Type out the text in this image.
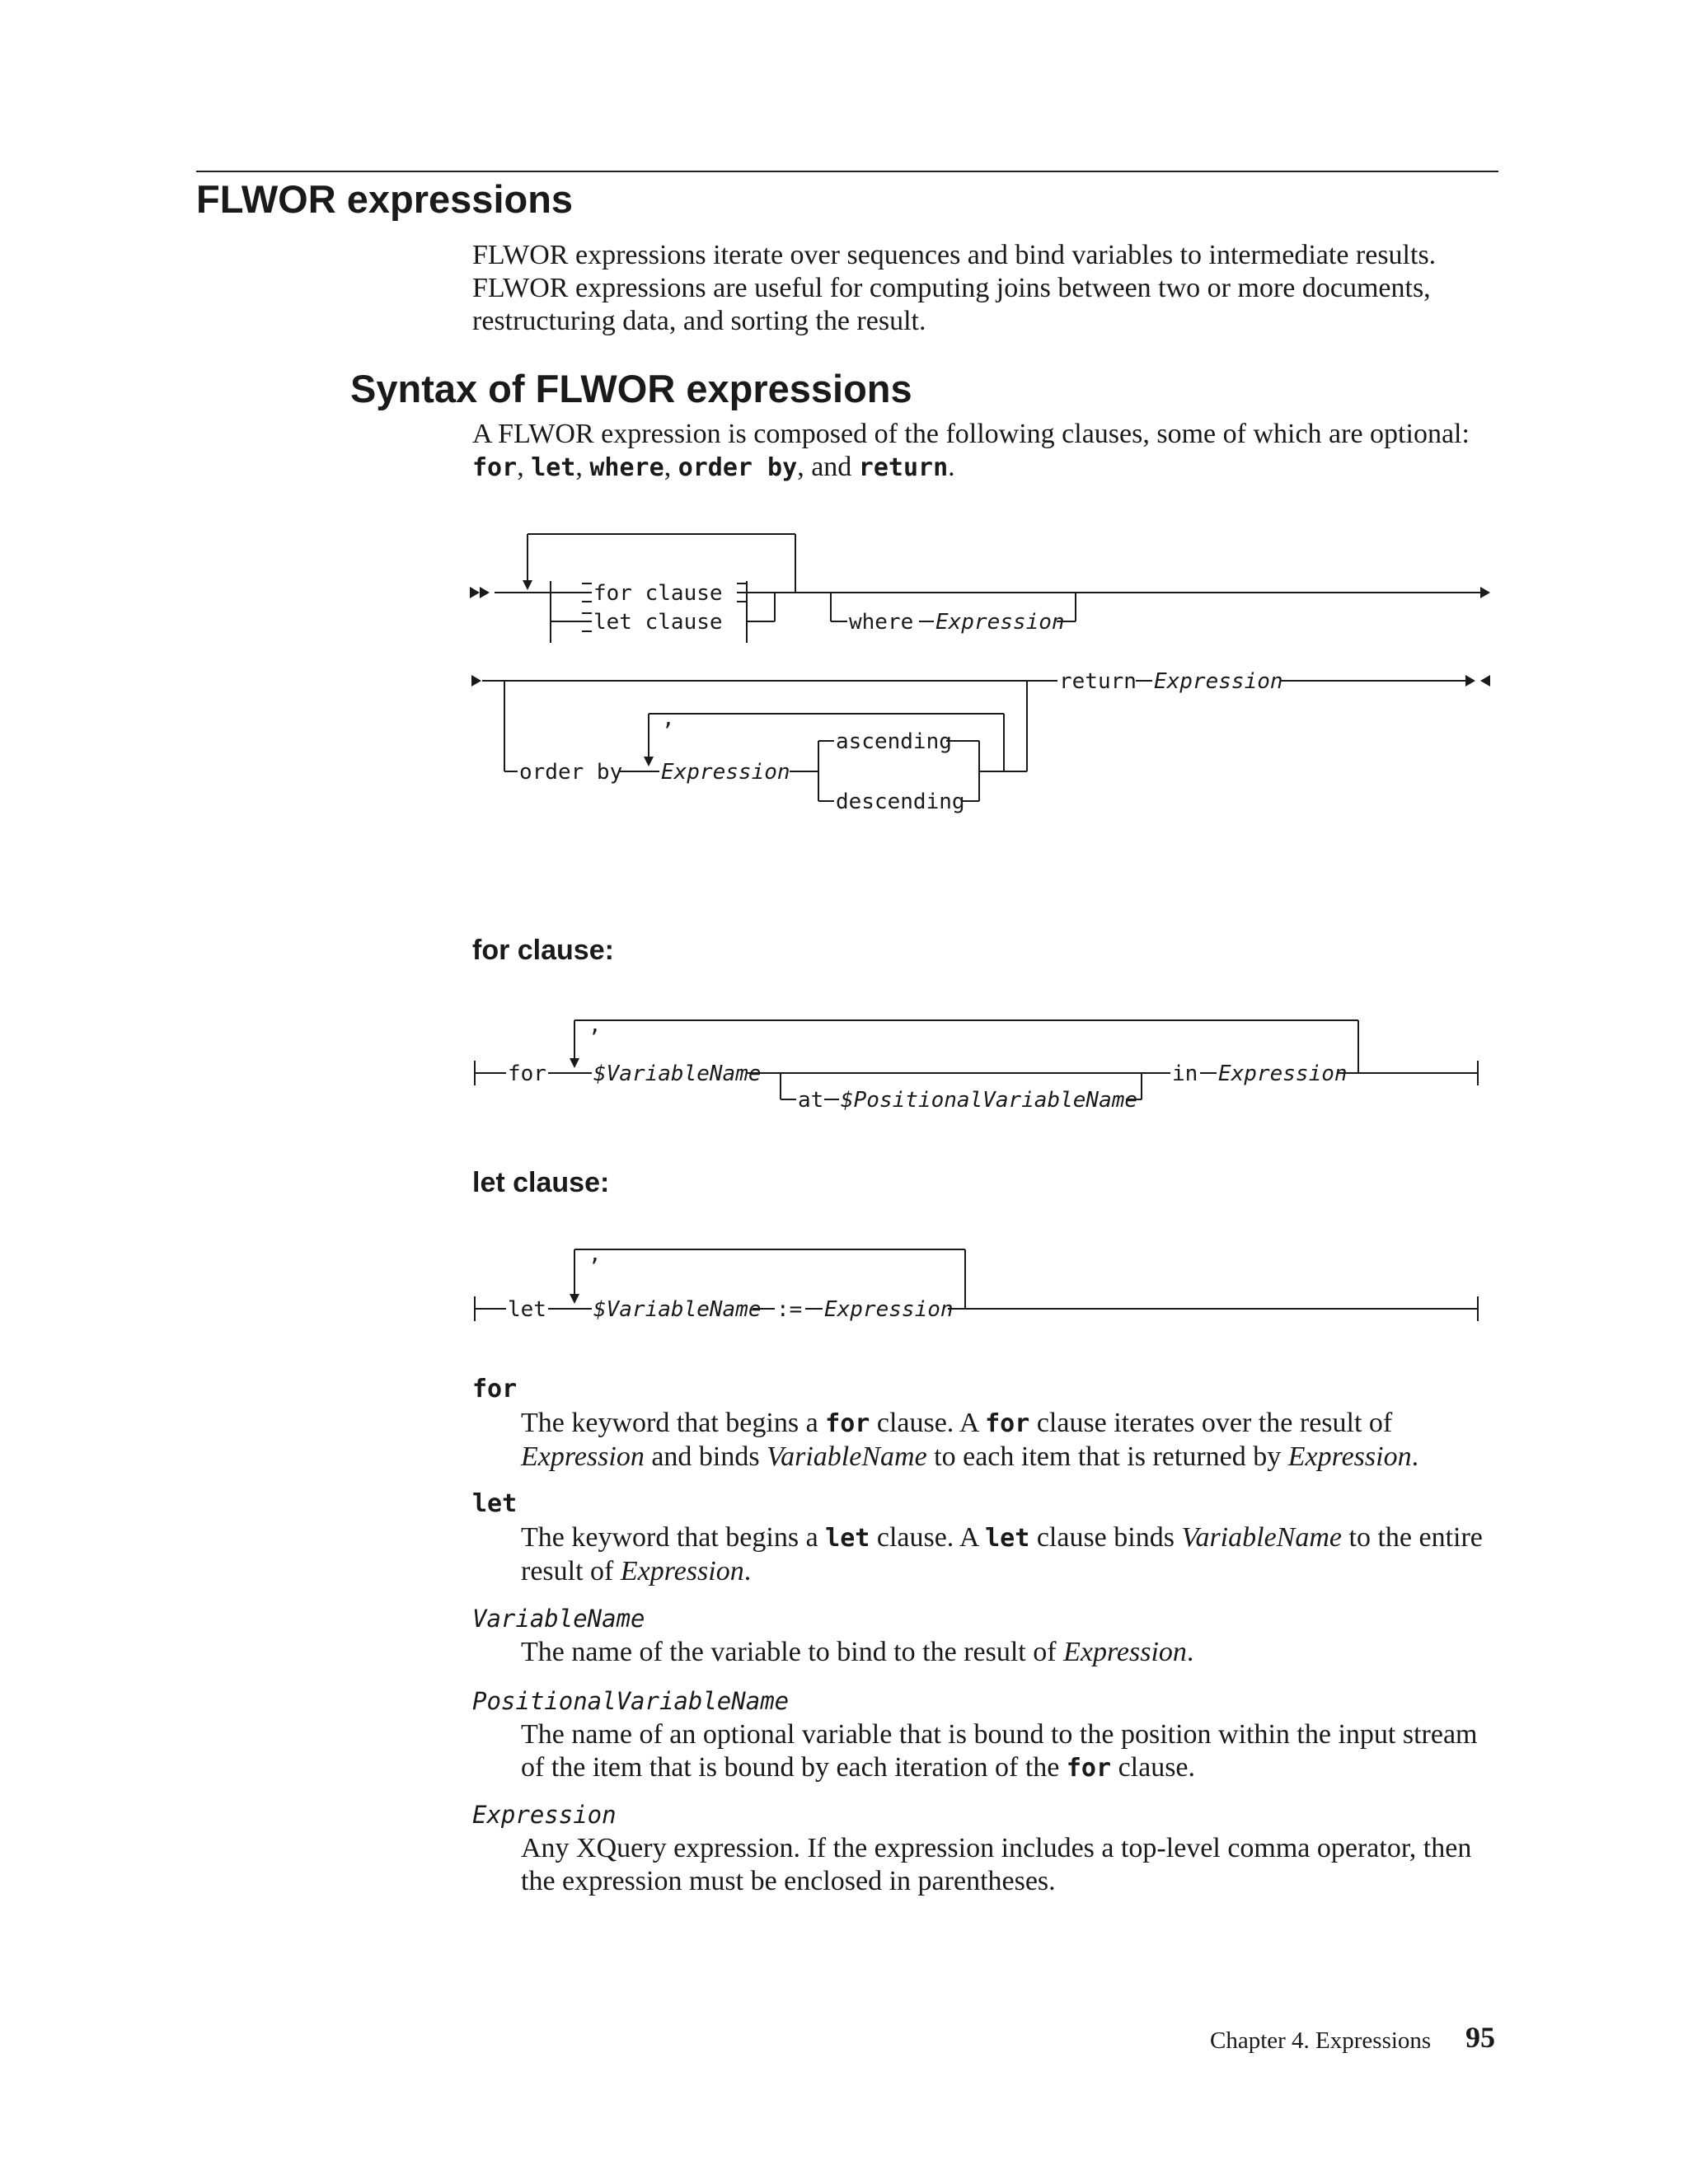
FLWOR expressions

FLWOR expressions iterate over sequences and bind variables to intermediate results. FLWOR expressions are useful for computing joins between two or more documents, restructuring data, and sorting the result.

Syntax of FLWOR expressions

A FLWOR expression is composed of the following clauses, some of which are optional: for, let, where, order by, and return.

for clause
let clause	where Expression
return Expression
order by Expression
,
ascending
descending
for clause:
for $VariableName
,
at $PositionalVariableName
in Expression
let clause:
let $VariableName := Expression
,
for

The keyword that begins a for clause. A for clause iterates over the result of Expression and binds VariableName to each item that is returned by Expression.

let

The keyword that begins a let clause. A let clause binds VariableName to the entire result of Expression.

VariableName

The name of the variable to bind to the result of Expression.

PositionalVariableName

The name of an optional variable that is bound to the position within the input stream of the item that is bound by each iteration of the for clause.

Expression

Any XQuery expression. If the expression includes a top-level comma operator, then the expression must be enclosed in parentheses.

Chapter 4. Expressions 95
